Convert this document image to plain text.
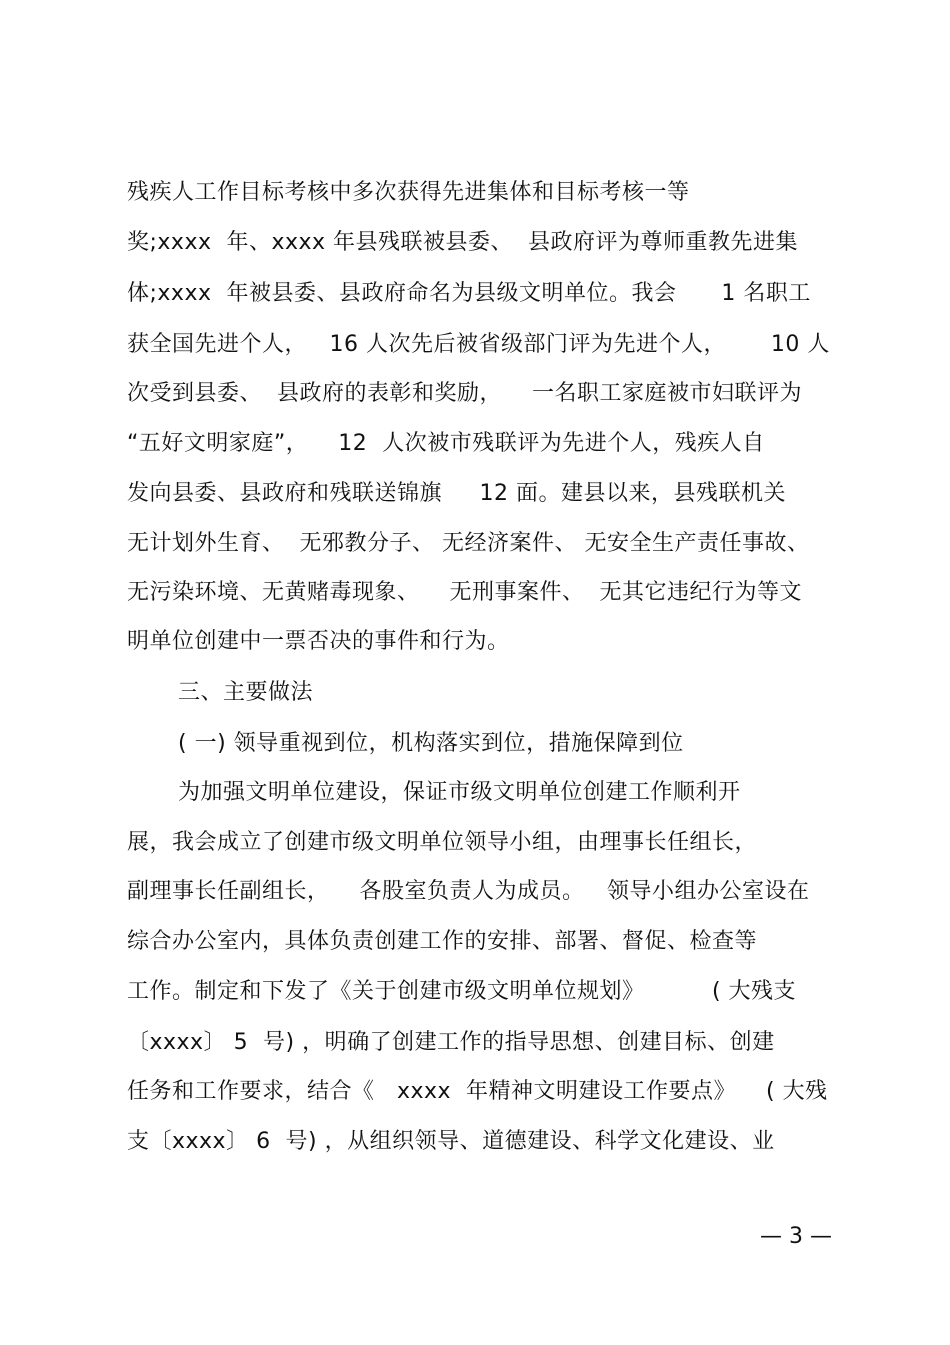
残疾人工作目标考核中多次获得先进集体和目标考核一等
奖;xxxx  年、xxxx 年县残联被县委、  县政府评为尊师重教先进集
体;xxxx  年被县委、县政府命名为县级文明单位。我会      1 名职工
获全国先进个人，   16 人次先后被省级部门评为先进个人，      10 人
次受到县委、  县政府的表彰和奖励，    一名职工家庭被市妇联评为
“五好文明家庭”，    12  人次被市残联评为先进个人，残疾人自
发向县委、县政府和残联送锦旗     12 面。建县以来，县残联机关
无计划外生育、  无邪教分子、 无经济案件、 无安全生产责任事故、
无污染环境、无黄赌毒现象、    无刑事案件、  无其它违纪行为等文
明单位创建中一票否决的事件和行为。
三、主要做法
( 一) 领导重视到位，机构落实到位，措施保障到位
为加强文明单位建设，保证市级文明单位创建工作顺利开
展，我会成立了创建市级文明单位领导小组，由理事长任组长，
副理事长任副组长，    各股室负责人为成员。   领导小组办公室设在
综合办公室内，具体负责创建工作的安排、部署、督促、检查等
工作。制定和下发了《关于创建市级文明单位规划》         ( 大残支
〔xxxx〕 5  号) ，明确了创建工作的指导思想、创建目标、创建
任务和工作要求，结合《   xxxx  年精神文明建设工作要点》    ( 大残
支〔xxxx〕 6  号) ，从组织领导、道德建设、科学文化建设、业
— 3 —
